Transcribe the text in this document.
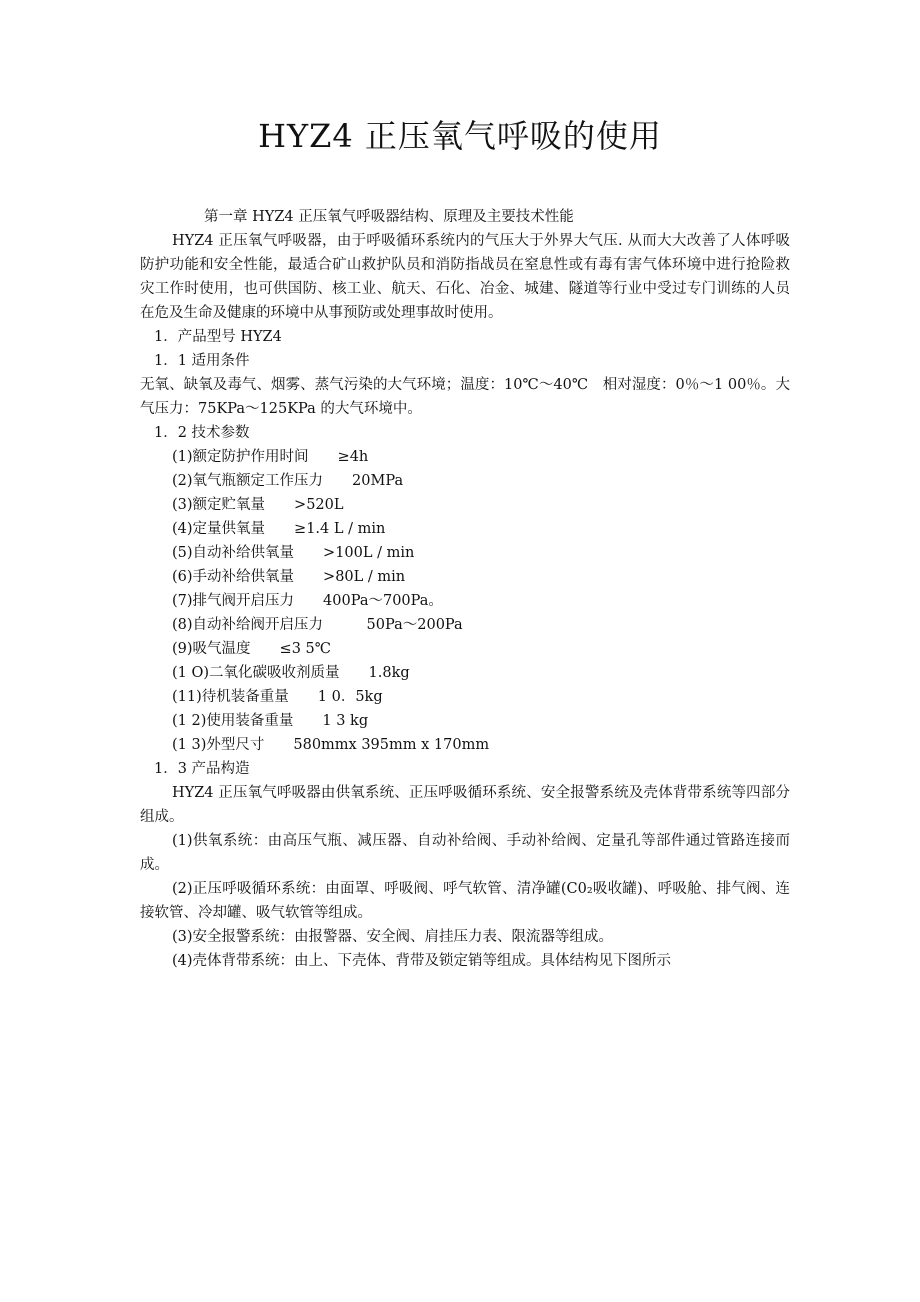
HYZ4 正压氧气呼吸的使用

第一章 HYZ4 正压氧气呼吸器结构、原理及主要技术性能

HYZ4 正压氧气呼吸器，由于呼吸循环系统内的气压大于外界大气压. 从而大大改善了人体呼吸防护功能和安全性能，最适合矿山救护队员和消防指战员在窒息性或有毒有害气体环境中进行抢险救灾工作时使用，也可供国防、核工业、航天、石化、冶金、城建、隧道等行业中受过专门训练的人员在危及生命及健康的环境中从事预防或处理事故时使用。

1．产品型号 HYZ4

1．1 适用条件

无氧、缺氧及毒气、烟雾、蒸气污染的大气环境；温度：10℃～40℃　相对湿度：0％～1 00％。大气压力：75KPa～125KPa 的大气环境中。

1．2 技术参数

(1)额定防护作用时间　　 ≥4h

(2)氧气瓶额定工作压力　　 20MPa

(3)额定贮氧量　　 >520L

(4)定量供氧量　　 ≥1.4 L / min

(5)自动补给供氧量　　 >100L / min

(6)手动补给供氧量　　 >80L / min

(7)排气阀开启压力　　 400Pa～700Pa。

(8)自动补给阀开启压力　　　	50Pa～200Pa

(9)吸气温度　　 ≤3 5℃

(1 O)二氧化碳吸收剂质量　　 1.8kg

(11)待机装备重量　　 1 0．5kg

(1 2)使用装备重量　　 1 3 kg

(1 3)外型尺寸　　 580mmx 395mm x 170mm

1．3 产品构造

HYZ4 正压氧气呼吸器由供氧系统、正压呼吸循环系统、安全报警系统及壳体背带系统等四部分组成。

(1)供氧系统：由高压气瓶、减压器、自动补给阀、手动补给阀、定量孔等部件通过管路连接而成。

(2)正压呼吸循环系统：由面罩、呼吸阀、呼气软管、清净罐(C0₂吸收罐)、呼吸舱、排气阀、连接软管、冷却罐、吸气软管等组成。

(3)安全报警系统：由报警器、安全阀、肩挂压力表、限流器等组成。

(4)壳体背带系统：由上、下壳体、背带及锁定销等组成。具体结构见下图所示
